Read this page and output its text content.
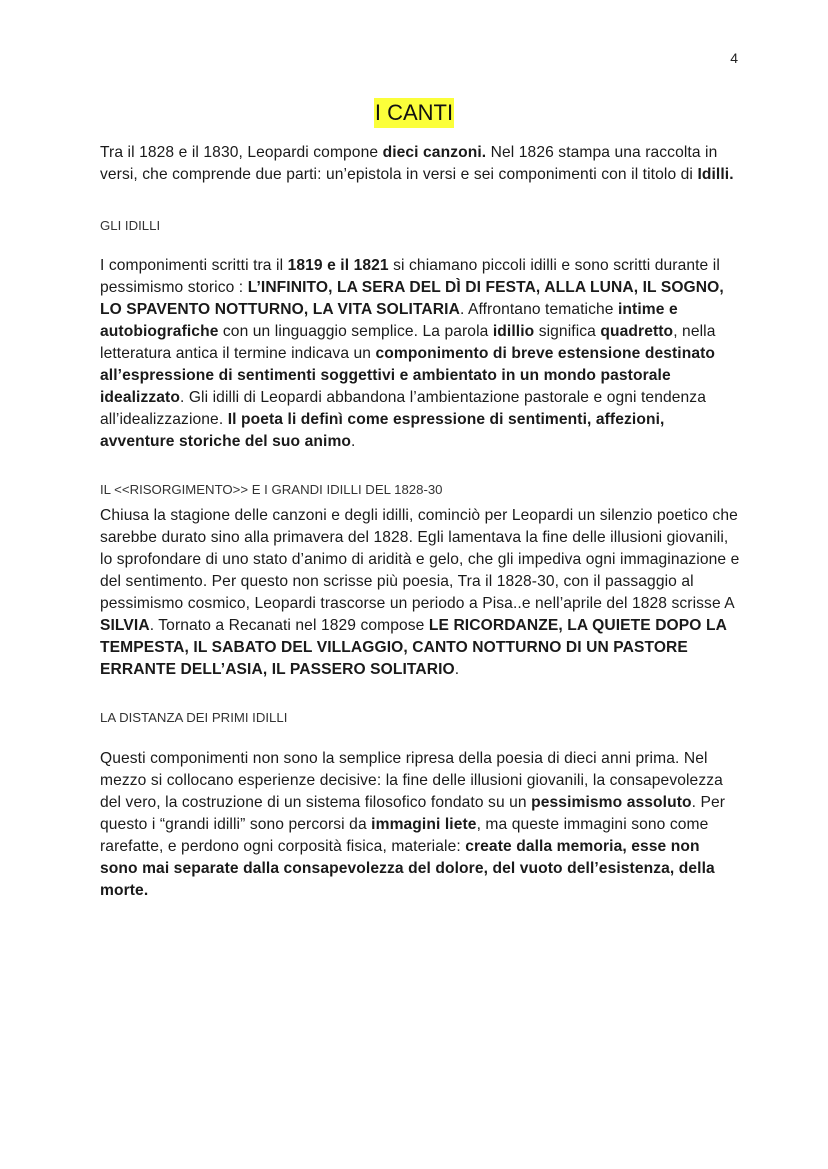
4
I CANTI

Tra il 1828 e il 1830, Leopardi compone dieci canzoni. Nel 1826 stampa una raccolta in versi, che comprende due parti: un’epistola in versi e sei componimenti con il titolo di Idilli.

GLI IDILLI

I componimenti scritti tra il 1819 e il 1821 si chiamano piccoli idilli e sono scritti durante il pessimismo storico : L’INFINITO, LA SERA DEL DÌ DI FESTA, ALLA LUNA, IL SOGNO, LO SPAVENTO NOTTURNO, LA VITA SOLITARIA. Affrontano tematiche intime e autobiografiche con un linguaggio semplice. La parola idillio significa quadretto, nella letteratura antica il termine indicava un componimento di breve estensione destinato all’espressione di sentimenti soggettivi e ambientato in un mondo pastorale idealizzato. Gli idilli di Leopardi abbandona l’ambientazione pastorale e ogni tendenza all’idealizzazione. Il poeta li definì come espressione di sentimenti, affezioni, avventure storiche del suo animo.

IL <<RISORGIMENTO>> E I GRANDI IDILLI DEL 1828-30

Chiusa la stagione delle canzoni e degli idilli, cominciò per Leopardi un silenzio poetico che sarebbe durato sino alla primavera del 1828. Egli lamentava la fine delle illusioni giovanili, lo sprofondare di uno stato d’animo di aridità e gelo, che gli impediva ogni immaginazione e del sentimento. Per questo non scrisse più poesia, Tra il 1828-30, con il passaggio al pessimismo cosmico, Leopardi trascorse un periodo a Pisa..e nell’aprile del 1828 scrisse A SILVIA. Tornato a Recanati nel 1829 compose LE RICORDANZE, LA QUIETE DOPO LA TEMPESTA, IL SABATO DEL VILLAGGIO, CANTO NOTTURNO DI UN PASTORE ERRANTE DELL’ASIA, IL PASSERO SOLITARIO.

LA DISTANZA DEI PRIMI IDILLI

Questi componimenti non sono la semplice ripresa della poesia di dieci anni prima. Nel mezzo si collocano esperienze decisive: la fine delle illusioni giovanili, la consapevolezza del vero, la costruzione di un sistema filosofico fondato su un pessimismo assoluto. Per questo i “grandi idilli” sono percorsi da immagini liete, ma queste immagini sono come rarefatte, e perdono ogni corposità fisica, materiale: create dalla memoria, esse non sono mai separate dalla consapevolezza del dolore, del vuoto dell’esistenza, della morte.
